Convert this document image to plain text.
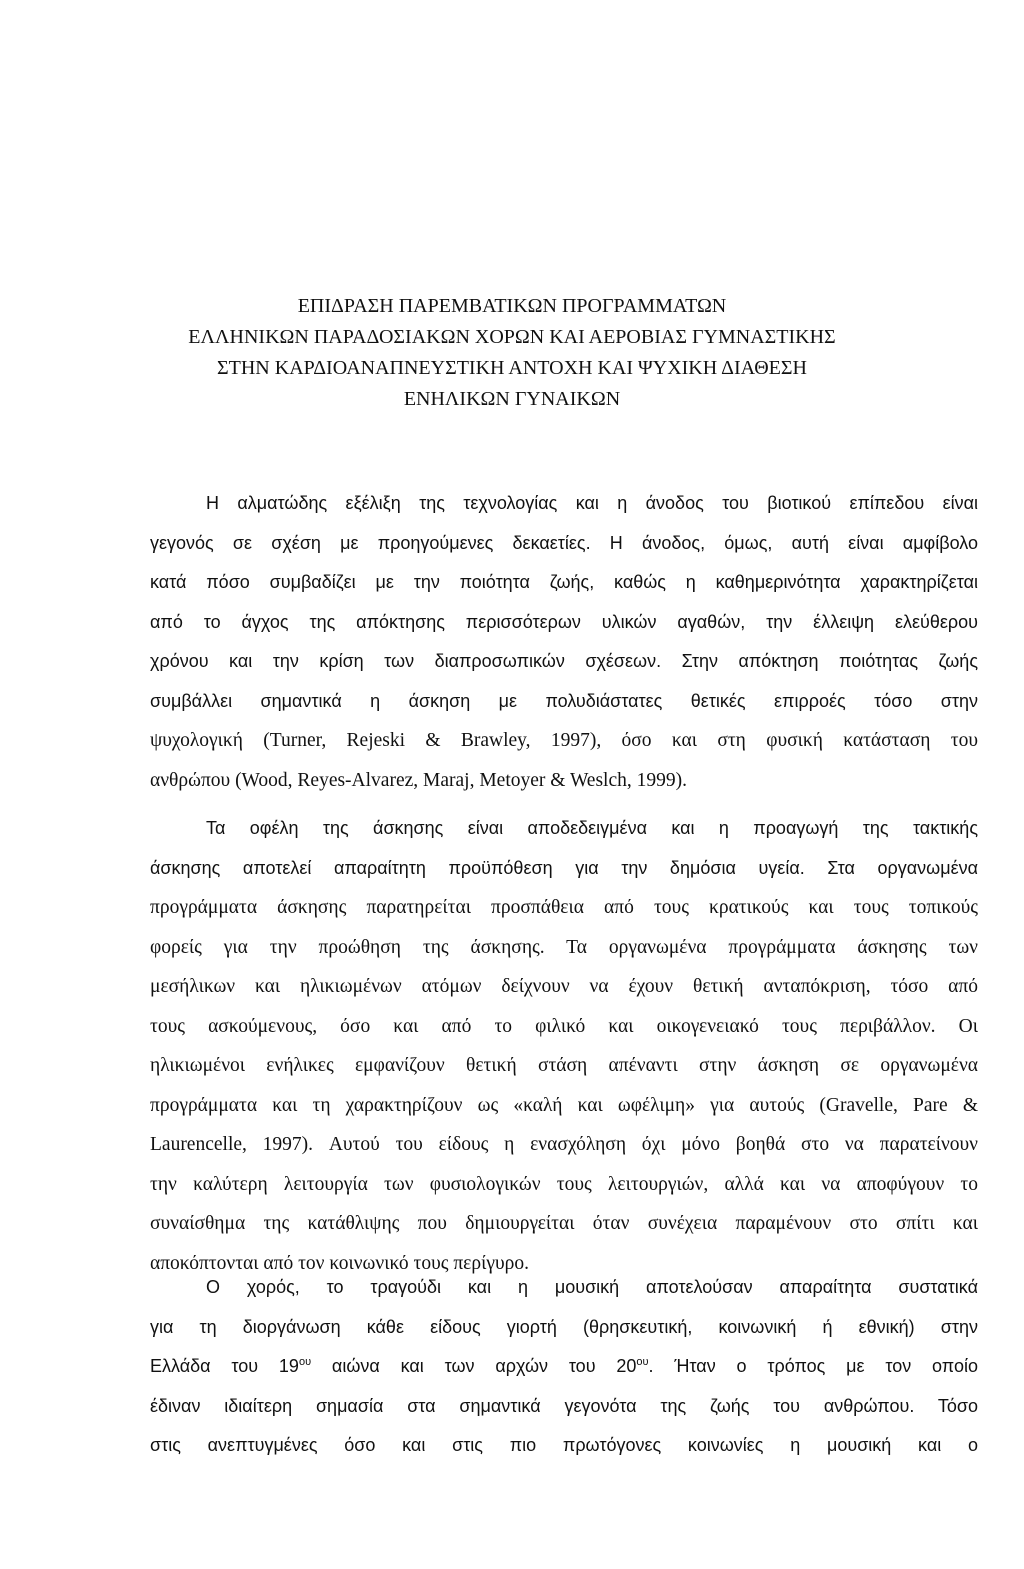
ΕΠΙΔΡΑΣΗ ΠΑΡΕΜΒΑΤΙΚΩΝ ΠΡΟΓΡΑΜΜΑΤΩΝ
ΕΛΛΗΝΙΚΩΝ ΠΑΡΑΔΟΣΙΑΚΩΝ ΧΟΡΩΝ ΚΑΙ ΑΕΡΟΒΙΑΣ ΓΥΜΝΑΣΤΙΚΗΣ
ΣΤΗΝ ΚΑΡΔΙΟΑΝΑΠΝΕΥΣΤΙΚΗ ΑΝΤΟΧΗ ΚΑΙ ΨΥΧΙΚΗ ΔΙΑΘΕΣΗ
ΕΝΗΛΙΚΩΝ ΓΥΝΑΙΚΩΝ
Η αλματώδης εξέλιξη της τεχνολογίας και η άνοδος του βιοτικού επίπεδου είναι
γεγονός σε σχέση με προηγούμενες δεκαετίες. Η άνοδος, όμως, αυτή είναι αμφίβολο
κατά πόσο συμβαδίζει με την ποιότητα ζωής, καθώς η καθημερινότητα χαρακτηρίζεται
από το άγχος της απόκτησης περισσότερων υλικών αγαθών, την έλλειψη ελεύθερου
χρόνου και την κρίση των διαπροσωπικών σχέσεων. Στην απόκτηση ποιότητας ζωής
συμβάλλει σημαντικά η άσκηση με πολυδιάστατες θετικές επιρροές τόσο στην
ψυχολογική (Turner, Rejeski & Brawley, 1997), όσο και στη φυσική κατάσταση του
ανθρώπου (Wood, Reyes-Alvarez, Maraj, Metoyer & Weslch, 1999).
Τα οφέλη της άσκησης είναι αποδεδειγμένα και η προαγωγή της τακτικής
άσκησης αποτελεί απαραίτητη προϋπόθεση για την δημόσια υγεία. Στα οργανωμένα
προγράμματα άσκησης παρατηρείται προσπάθεια από τους κρατικούς και τους τοπικούς
φορείς για την προώθηση της άσκησης. Τα οργανωμένα προγράμματα άσκησης των
μεσήλικων και ηλικιωμένων ατόμων δείχνουν να έχουν θετική ανταπόκριση, τόσο από
τους ασκούμενους, όσο και από το φιλικό και οικογενειακό τους περιβάλλον. Οι
ηλικιωμένοι ενήλικες εμφανίζουν θετική στάση απέναντι στην άσκηση σε οργανωμένα
προγράμματα και τη χαρακτηρίζουν ως «καλή και ωφέλιμη» για αυτούς (Gravelle, Pare &
Laurencelle, 1997). Αυτού του είδους η ενασχόληση όχι μόνο βοηθά στο να παρατείνουν
την καλύτερη λειτουργία των φυσιολογικών τους λειτουργιών, αλλά και να αποφύγουν το
συναίσθημα της κατάθλιψης που δημιουργείται όταν συνέχεια παραμένουν στο σπίτι και
αποκόπτονται από τον κοινωνικό τους περίγυρο.
Ο χορός, το τραγούδι και η μουσική αποτελούσαν απαραίτητα συστατικά
για τη διοργάνωση κάθε είδους γιορτή (θρησκευτική, κοινωνική ή εθνική) στην
Ελλάδα του $19^{o\upsilon}$ αιώνα και των αρχών του $20^{o\upsilon}$. Ήταν ο τρόπος με τον οποίο
έδιναν ιδιαίτερη σημασία στα σημαντικά γεγονότα της ζωής του ανθρώπου. Τόσο
στις ανεπτυγμένες όσο και στις πιο πρωτόγονες κοινωνίες η μουσική και ο
